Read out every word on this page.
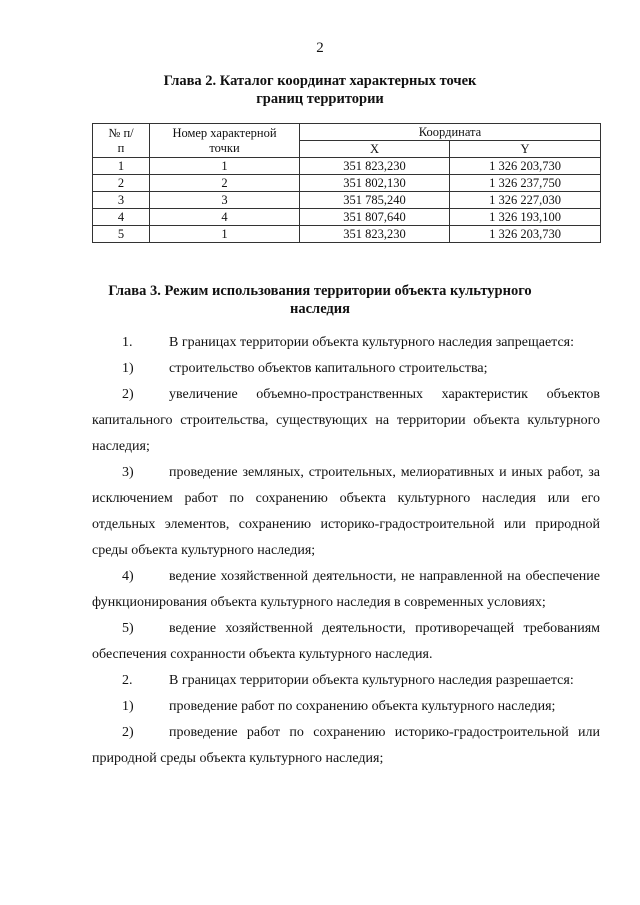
2
Глава 2. Каталог координат характерных точек
границ территории
№ п/п	Номер характерной точки	Координата	
		X	Y
1	1	351 823,230	1 326 203,730
2	2	351 802,130	1 326 237,750
3	3	351 785,240	1 326 227,030
4	4	351 807,640	1 326 193,100
5	1	351 823,230	1 326 203,730
Глава 3. Режим использования территории объекта культурного
наследия

1.	В границах территории объекта культурного наследия запрещается:

1)	строительство объектов капитального строительства;

2)	увеличение объемно-пространственных характеристик объектов капитального строительства, существующих на территории объекта культурного наследия;

3)	проведение земляных, строительных, мелиоративных и иных работ, за исключением работ по сохранению объекта культурного наследия или его отдельных элементов, сохранению историко-градостроительной или природной среды объекта культурного наследия;

4)	ведение хозяйственной деятельности, не направленной на обеспечение функционирования объекта культурного наследия в современных условиях;

5)	ведение хозяйственной деятельности, противоречащей требованиям обеспечения сохранности объекта культурного наследия.

2.	В границах территории объекта культурного наследия разрешается:

1)	проведение работ по сохранению объекта культурного наследия;

2)	проведение работ по сохранению историко-градостроительной или природной среды объекта культурного наследия;
